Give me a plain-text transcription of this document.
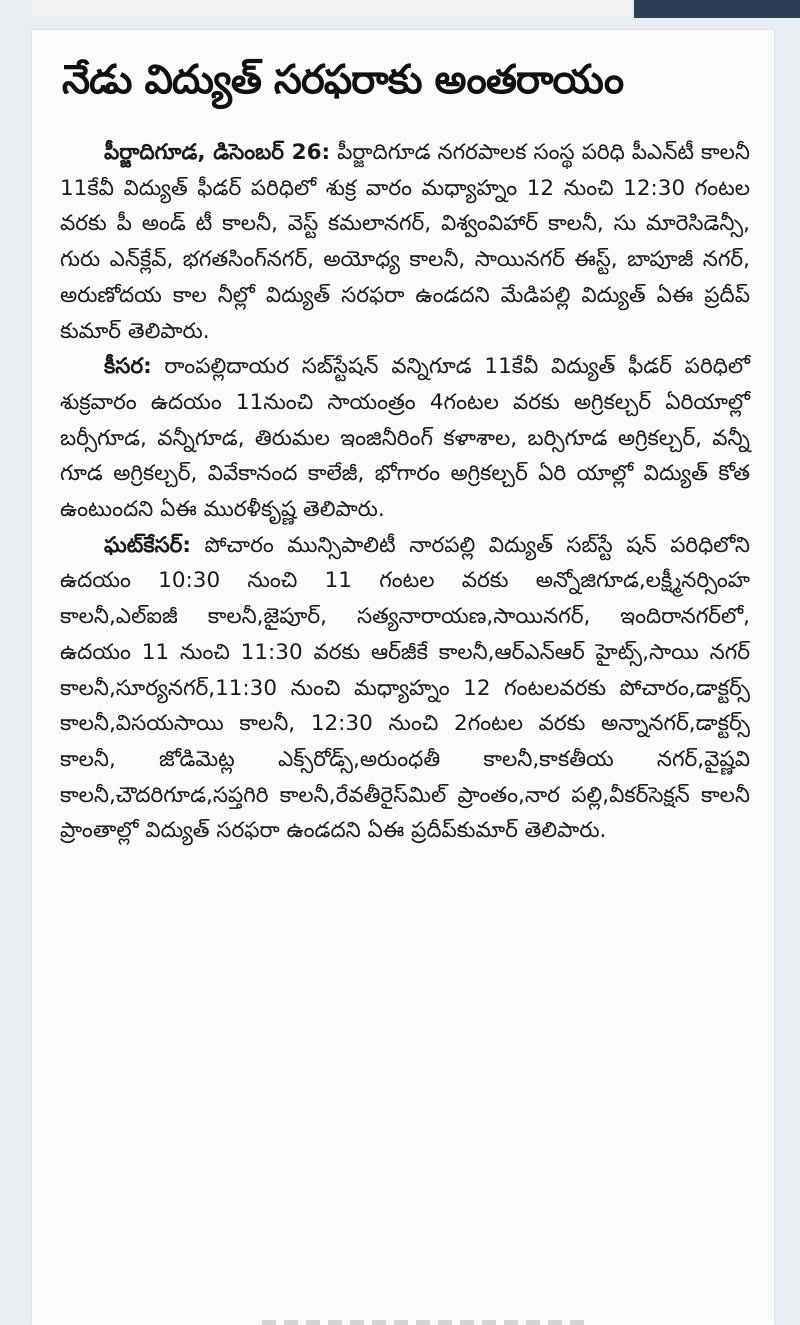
నేడు విద్యుత్ సరఫరాకు అంతరాయం

పీర్జాదిగూడ, డిసెంబర్ 26: పీర్జాదిగూడ నగరపాలక సంస్థ పరిధి పీఎన్‌టీ కాలనీ 11కేవీ విద్యుత్ ఫీడర్ పరిధిలో శుక్ర వారం మధ్యాహ్నం 12 నుంచి 12:30 గంటల వరకు పీ అండ్ టీ కాలనీ, వెస్ట్ కమలానగర్, విశ్వంవిహార్ కాలనీ, సు మారెసిడెన్సీ, గురు ఎన్‌క్లేవ్, భగతసింగ్‌నగర్, అయోధ్య కాలనీ, సాయినగర్ ఈస్ట్, బాపూజీ నగర్, అరుణోదయ కాల నీల్లో విద్యుత్ సరఫరా ఉండదని మేడిపల్లి విద్యుత్ ఏఈ ప్రదీప్ కుమార్ తెలిపారు.

కీసర: రాంపల్లిదాయర సబ్‌స్టేషన్ వన్నిగూడ 11కేవీ విద్యుత్ ఫీడర్ పరిధిలో శుక్రవారం ఉదయం 11నుంచి సాయంత్రం 4గంటల వరకు అగ్రికల్చర్ ఏరియాల్లో బర్సీగూడ, వన్నీగూడ, తిరుమల ఇంజినీరింగ్ కళాశాల, బర్సిగూడ అగ్రికల్చర్, వన్నీ గూడ అగ్రికల్చర్, వివేకానంద కాలేజీ, భోగారం అగ్రికల్చర్ ఏరి యాల్లో విద్యుత్ కోత ఉంటుందని ఏఈ మురళీకృష్ణ తెలిపారు.

ఘట్‌కేసర్: పోచారం మున్సిపాలిటీ నారపల్లి విద్యుత్ సబ్‌స్టే షన్ పరిధిలోని ఉదయం 10:30 నుంచి 11 గంటల వరకు అన్నోజిగూడ,లక్ష్మీనర్సింహ కాలనీ,ఎల్ఐజీ కాలనీ,జైపూర్, సత్యనారాయణ,సాయినగర్, ఇందిరానగర్‌లో, ఉదయం 11 నుంచి 11:30 వరకు ఆర్‌జీకే కాలనీ,ఆర్ఎన్ఆర్ హైట్స్,సాయి నగర్ కాలనీ,సూర్యనగర్,11:30 నుంచి మధ్యాహ్నం 12 గంటలవరకు పోచారం,డాక్టర్స్ కాలనీ,విసయసాయి కాలనీ, 12:30 నుంచి 2గంటల వరకు అన్నానగర్,డాక్టర్స్ కాలనీ, జోడిమెట్ల ఎక్స్‌రోడ్స్,అరుంధతీ కాలనీ,కాకతీయ నగర్,వైష్ణవి కాలనీ,చౌదరిగూడ,సప్తగిరి కాలనీ,రేవతీరైస్‌మిల్ ప్రాంతం,నార పల్లి,వీకర్‌సెక్షన్ కాలనీ ప్రాంతాల్లో విద్యుత్ సరఫరా ఉండదని ఏఈ ప్రదీప్‌కుమార్ తెలిపారు.
